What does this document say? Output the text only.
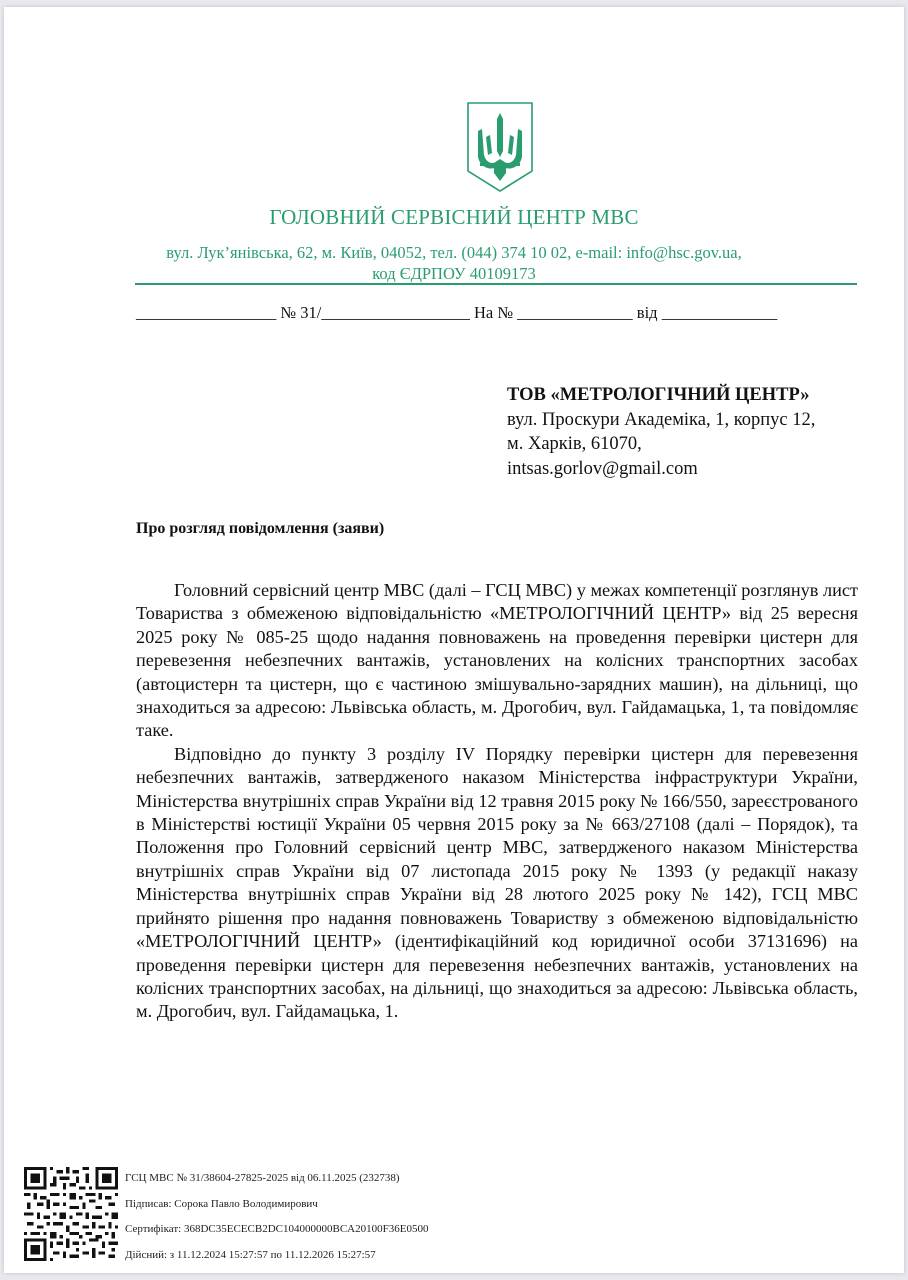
ГОЛОВНИЙ СЕРВІСНИЙ ЦЕНТР МВС
вул. Лук’янівська, 62, м. Київ, 04052, тел. (044) 374 10 02, e-mail: info@hsc.gov.ua,
код ЄДРПОУ 40109173
_________________ № 31/__________________ На № ______________ від ______________
ТОВ «МЕТРОЛОГІЧНИЙ ЦЕНТР»
вул. Проскури Академіка, 1, корпус 12,
м. Харків, 61070,
intsas.gorlov@gmail.com
Про розгляд повідомлення (заяви)

Головний сервісний центр МВС (далі – ГСЦ МВС) у межах компетенції розглянув лист Товариства з обмеженою відповідальністю «МЕТРОЛОГІЧНИЙ ЦЕНТР» від 25 вересня 2025 року № 085-25 щодо надання повноважень на проведення перевірки цистерн для перевезення небезпечних вантажів, установлених на колісних транспортних засобах (автоцистерн та цистерн, що є частиною змішувально-зарядних машин), на дільниці, що знаходиться за адресою: Львівська область, м. Дрогобич, вул. Гайдамацька, 1, та повідомляє таке.

Відповідно до пункту 3 розділу IV Порядку перевірки цистерн для перевезення небезпечних вантажів, затвердженого наказом Міністерства інфраструктури України, Міністерства внутрішніх справ України від 12 травня 2015 року № 166/550, зареєстрованого в Міністерстві юстиції України 05 червня 2015 року за № 663/27108 (далі – Порядок), та Положення про Головний сервісний центр МВС, затвердженого наказом Міністерства внутрішніх справ України від 07 листопада 2015 року № 1393 (у редакції наказу Міністерства внутрішніх справ України від 28 лютого 2025 року № 142), ГСЦ МВС прийнято рішення про надання повноважень Товариству з обмеженою відповідальністю «МЕТРОЛОГІЧНИЙ ЦЕНТР» (ідентифікаційний код юридичної особи 37131696) на проведення перевірки цистерн для перевезення небезпечних вантажів, установлених на колісних транспортних засобах, на дільниці, що знаходиться за адресою: Львівська область, м. Дрогобич, вул. Гайдамацька, 1.

ГСЦ МВС № 31/38604-27825-2025 від 06.11.2025 (232738)
Підписав: Сорока Павло Володимирович
Сертифікат: 368DC35ECECB2DC104000000BCA20100F36E0500
Дійсний: з 11.12.2024 15:27:57 по 11.12.2026 15:27:57
